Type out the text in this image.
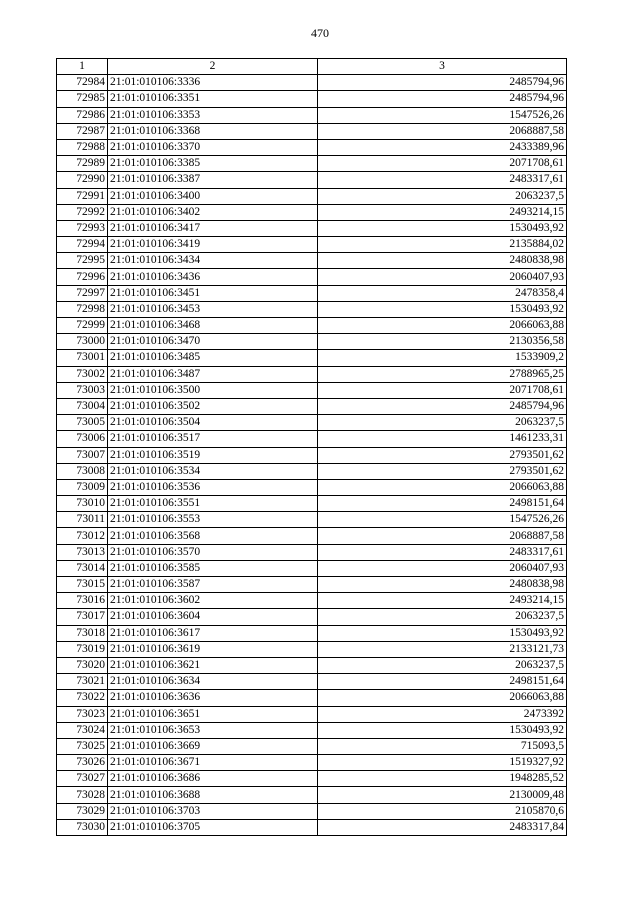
470
1	2	3
72984	21:01:010106:3336	2485794,96
72985	21:01:010106:3351	2485794,96
72986	21:01:010106:3353	1547526,26
72987	21:01:010106:3368	2068887,58
72988	21:01:010106:3370	2433389,96
72989	21:01:010106:3385	2071708,61
72990	21:01:010106:3387	2483317,61
72991	21:01:010106:3400	2063237,5
72992	21:01:010106:3402	2493214,15
72993	21:01:010106:3417	1530493,92
72994	21:01:010106:3419	2135884,02
72995	21:01:010106:3434	2480838,98
72996	21:01:010106:3436	2060407,93
72997	21:01:010106:3451	2478358,4
72998	21:01:010106:3453	1530493,92
72999	21:01:010106:3468	2066063,88
73000	21:01:010106:3470	2130356,58
73001	21:01:010106:3485	1533909,2
73002	21:01:010106:3487	2788965,25
73003	21:01:010106:3500	2071708,61
73004	21:01:010106:3502	2485794,96
73005	21:01:010106:3504	2063237,5
73006	21:01:010106:3517	1461233,31
73007	21:01:010106:3519	2793501,62
73008	21:01:010106:3534	2793501,62
73009	21:01:010106:3536	2066063,88
73010	21:01:010106:3551	2498151,64
73011	21:01:010106:3553	1547526,26
73012	21:01:010106:3568	2068887,58
73013	21:01:010106:3570	2483317,61
73014	21:01:010106:3585	2060407,93
73015	21:01:010106:3587	2480838,98
73016	21:01:010106:3602	2493214,15
73017	21:01:010106:3604	2063237,5
73018	21:01:010106:3617	1530493,92
73019	21:01:010106:3619	2133121,73
73020	21:01:010106:3621	2063237,5
73021	21:01:010106:3634	2498151,64
73022	21:01:010106:3636	2066063,88
73023	21:01:010106:3651	2473392
73024	21:01:010106:3653	1530493,92
73025	21:01:010106:3669	715093,5
73026	21:01:010106:3671	1519327,92
73027	21:01:010106:3686	1948285,52
73028	21:01:010106:3688	2130009,48
73029	21:01:010106:3703	2105870,6
73030	21:01:010106:3705	2483317,84
